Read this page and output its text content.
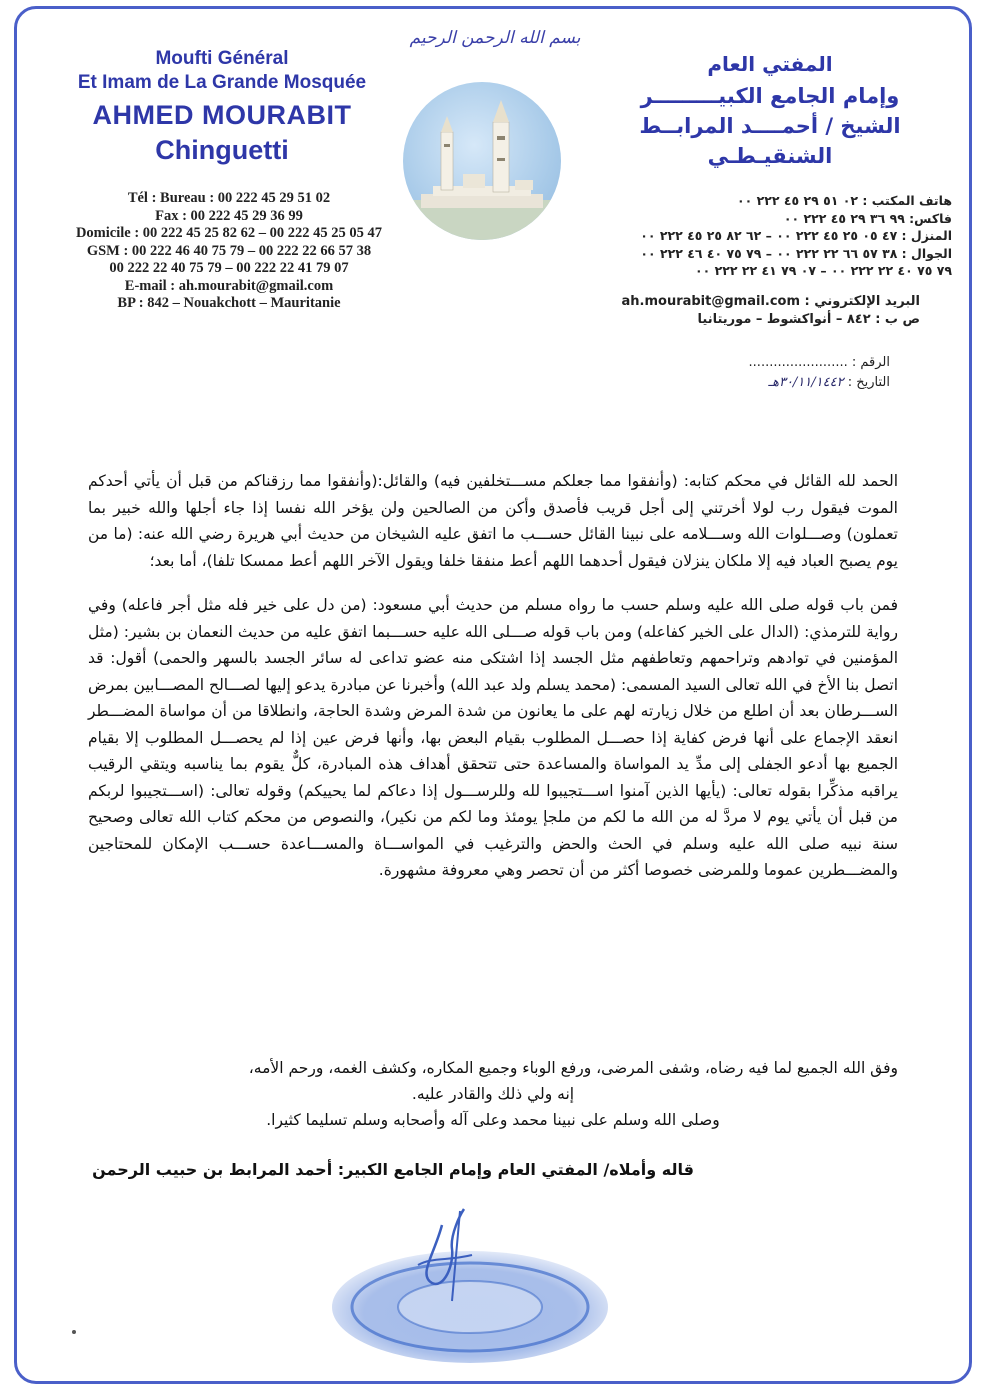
بسم الله الرحمن الرحيم
Moufti Général
Et Imam de La Grande Mosquée
AHMED MOURABIT
Chinguetti
Tél : Bureau : 00 222 45 29 51 02
Fax : 00 222 45 29 36 99
Domicile : 00 222 45 25 82 62 – 00 222 45 25 05 47
GSM : 00 222 46 40 75 79 – 00 222 22 66 57 38
00 222 22 40 75 79 – 00 222 22 41 79 07
E-mail : ah.mourabit@gmail.com
BP : 842 – Nouakchott – Mauritanie
المفتي العام
وإمام الجامع الكبيـــــــــر
الشيخ / أحمــــد المرابــط
الشنقيـطـي
هاتف المكتب : ٠٢ ٥١ ٢٩ ٤٥ ٢٢٢ ٠٠
فاكس: ٩٩ ٣٦ ٢٩ ٤٥ ٢٢٢ ٠٠
المنزل : ٤٧ ٠٥ ٢٥ ٤٥ ٢٢٢ ٠٠ – ٦٢ ٨٢ ٢٥ ٤٥ ٢٢٢ ٠٠
الجوال : ٣٨ ٥٧ ٦٦ ٢٢ ٢٢٢ ٠٠ – ٧٩ ٧٥ ٤٠ ٤٦ ٢٢٢ ٠٠
٧٩ ٧٥ ٤٠ ٢٢ ٢٢٢ ٠٠ – ٠٧ ٧٩ ٤١ ٢٢ ٢٢٢ ٠٠
البريد الإلكتروني : ah.mourabit@gmail.com
ص ب : ٨٤٢ – أنواكشوط – موريتانيا
الرقم : ........................
التاريخ : ٣٠/١١/١٤٤٢هـ

الحمد لله القائل في محكم كتابه: (وأنفقوا مما جعلكم مســـتخلفين فيه) والقائل:(وأنفقوا مما رزقناكم من قبل أن يأتي أحدكم الموت فيقول رب لولا أخرتني إلى أجل قريب فأصدق وأكن من الصالحين ولن يؤخر الله نفسا إذا جاء أجلها والله خبير بما تعملون) وصـــلوات الله وســـلامه على نبينا القائل حســـب ما اتفق عليه الشيخان من حديث أبي هريرة رضي الله عنه: (ما من يوم يصبح العباد فيه إلا ملكان ينزلان فيقول أحدهما اللهم أعط منفقا خلفا ويقول الآخر اللهم أعط ممسكا تلفا)، أما بعد؛

فمن باب قوله صلى الله عليه وسلم حسب ما رواه مسلم من حديث أبي مسعود: (من دل على خير فله مثل أجر فاعله) وفي رواية للترمذي: (الدال على الخير كفاعله) ومن باب قوله صـــلى الله عليه حســـبما اتفق عليه من حديث النعمان بن بشير: (مثل المؤمنين في توادهم وتراحمهم وتعاطفهم مثل الجسد إذا اشتكى منه عضو تداعى له سائر الجسد بالسهر والحمى) أقول: قد اتصل بنا الأخ في الله تعالى السيد المسمى: (محمد يسلم ولد عبد الله) وأخبرنا عن مبادرة يدعو إليها لصـــالح المصـــابين بمرض الســـرطان بعد أن اطلع من خلال زيارته لهم على ما يعانون من شدة المرض وشدة الحاجة، وانطلاقا من أن مواساة المضـــطر انعقد الإجماع على أنها فرض كفاية إذا حصـــل المطلوب بقيام البعض بها، وأنها فرض عين إذا لم يحصـــل المطلوب إلا بقيام الجميع بها أدعو الجفلى إلى مدِّ يد المواساة والمساعدة حتى تتحقق أهداف هذه المبادرة، كلٌّ يقوم بما يناسبه ويتقي الرقيب يراقبه مذكِّرا بقوله تعالى: (يأيها الذين آمنوا اســـتجيبوا لله وللرســـول إذا دعاكم لما يحييكم) وقوله تعالى: (اســـتجيبوا لربكم من قبل أن يأتي يوم لا مردَّ له من الله ما لكم من ملجإ يومئذ وما لكم من نكير)، والنصوص من محكم كتاب الله تعالى وصحيح سنة نبيه صلى الله عليه وسلم في الحث والحض والترغيب في المواســـاة والمســـاعدة حســـب الإمكان للمحتاجين والمضـــطرين عموما وللمرضى خصوصا أكثر من أن تحصر وهي معروفة مشهورة.

وفق الله الجميع لما فيه رضاه، وشفى المرضى، ورفع الوباء وجميع المكاره، وكشف الغمه، ورحم الأمه،
إنه ولي ذلك والقادر عليه.
وصلى الله وسلم على نبينا محمد وعلى آله وأصحابه وسلم تسليما كثيرا.
قاله وأملاه/ المفتي العام وإمام الجامع الكبير: أحمد المرابط بن حبيب الرحمن
